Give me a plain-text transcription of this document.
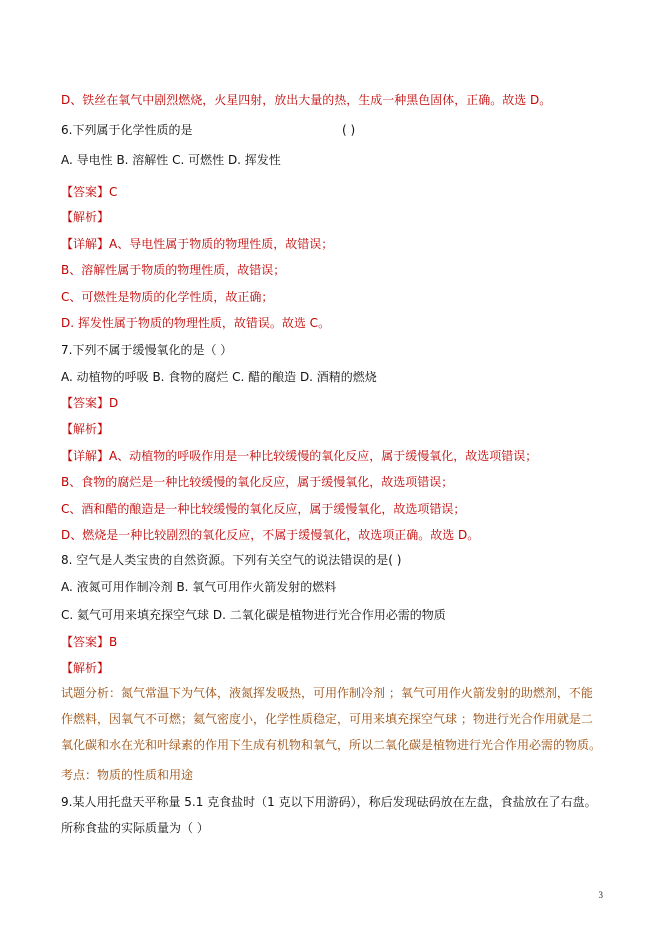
D、铁丝在氧气中剧烈燃烧，火星四射，放出大量的热，生成一种黑色固体，正确。故选 D。
6.下列属于化学性质的是	( )
A. 导电性 B. 溶解性 C. 可燃性 D. 挥发性
【答案】C
【解析】
【详解】A、导电性属于物质的物理性质，故错误；
B、溶解性属于物质的物理性质，故错误；
C、可燃性是物质的化学性质，故正确；
D. 挥发性属于物质的物理性质，故错误。故选 C。
7.下列不属于缓慢氧化的是（ ）
A. 动植物的呼吸 B. 食物的腐烂 C. 醋的酿造 D. 酒精的燃烧
【答案】D
【解析】
【详解】A、动植物的呼吸作用是一种比较缓慢的氧化反应，属于缓慢氧化，故选项错误；
B、食物的腐烂是一种比较缓慢的氧化反应，属于缓慢氧化，故选项错误；
C、酒和醋的酿造是一种比较缓慢的氧化反应，属于缓慢氧化，故选项错误；
D、燃烧是一种比较剧烈的氧化反应，不属于缓慢氧化，故选项正确。故选 D。
8. 空气是人类宝贵的自然资源。下列有关空气的说法错误的是( )
A. 液氮可用作制冷剂 B. 氧气可用作火箭发射的燃料
C. 氦气可用来填充探空气球 D. 二氧化碳是植物进行光合作用必需的物质
【答案】B
【解析】
试题分析：氮气常温下为气体，液氮挥发吸热，可用作制冷剂 ；氧气可用作火箭发射的助燃剂，不能作燃料，因氧气不可燃；氦气密度小，化学性质稳定，可用来填充探空气球 ；物进行光合作用就是二氧化碳和水在光和叶绿素的作用下生成有机物和氧气，所以二氧化碳是植物进行光合作用必需的物质。
考点：物质的性质和用途
9.某人用托盘天平称量 5.1 克食盐时（1 克以下用游码），称后发现砝码放在左盘，食盐放在了右盘。所称食盐的实际质量为（ ）
3
